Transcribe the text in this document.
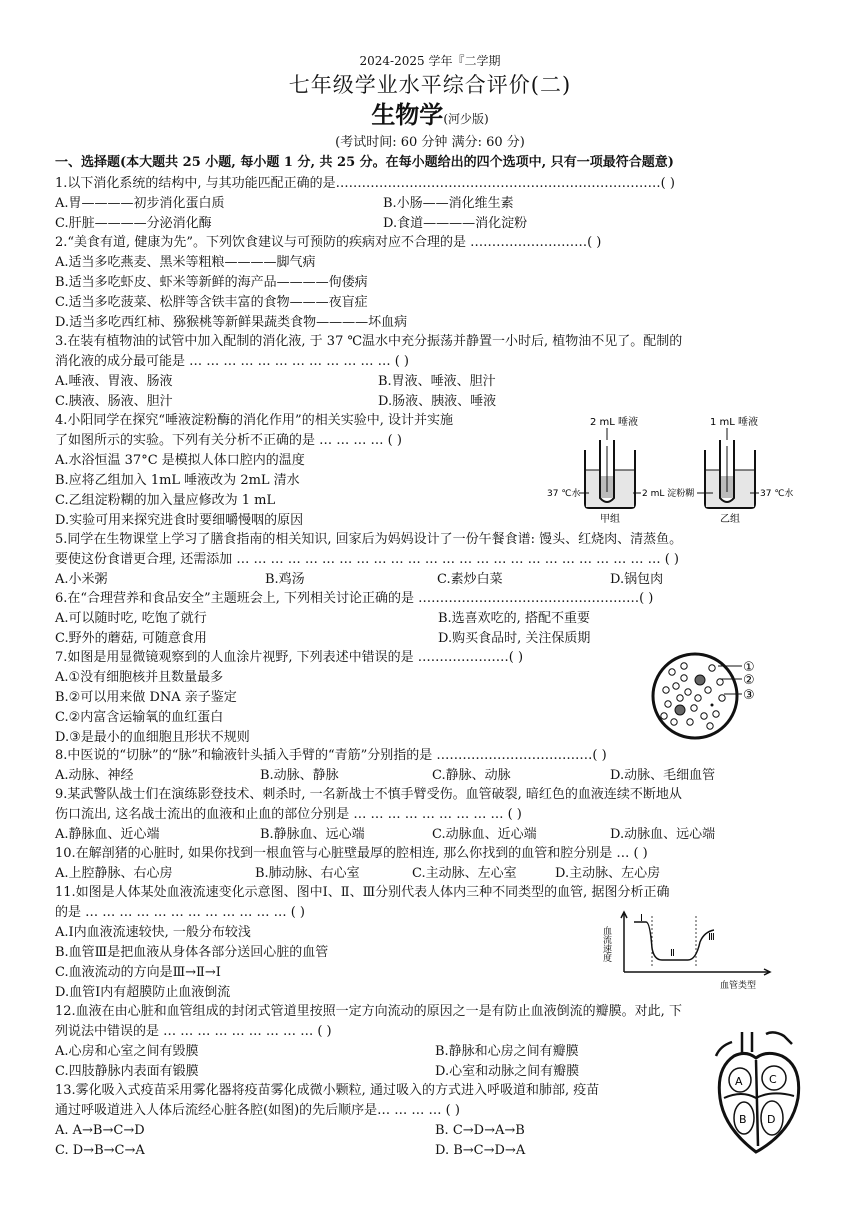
2024-2025 学年『二学期
七年级学业水平综合评价(二)
生物学(河少版)
(考试时间: 60 分钟 满分: 60 分)
一、选择题(本大题共 25 小题, 每小题 1 分, 共 25 分。在每小题给出的四个选项中, 只有一项最符合题意)
1.以下消化系统的结构中, 与其功能匹配正确的是…………………………………………………………………( )
A.胃————初步消化蛋白质	B.小肠——消化维生素
C.肝脏————分泌消化酶	D.食道————消化淀粉
2.“美食有道, 健康为先”。下列饮食建议与可预防的疾病对应不合理的是 ………………………( )
A.适当多吃燕麦、黑米等粗粮————脚气病
B.适当多吃虾皮、虾米等新鲜的海产品————佝偻病
C.适当多吃菠菜、松胖等含铁丰富的食物———夜盲症
D.适当多吃西红柿、猕猴桃等新鲜果蔬类食物————坏血病
3.在装有植物油的试管中加入配制的消化液, 于 37 ℃温水中充分振荡并静置一小时后, 植物油不见了。配制的
消化液的成分最可能是 … … … … … … … … … … … … ( )
A.唾液、胃液、肠液	B.胃液、唾液、胆汁
C.胰液、肠液、胆汁	D.肠液、胰液、唾液
4.小阳同学在探究“唾液淀粉酶的消化作用”的相关实验中, 设计并实施
了如图所示的实验。下列有关分析不正确的是 … … … … ( )
A.水浴恒温 37°C 是模拟人体口腔内的温度
B.应将乙组加入 1mL 唾液改为 2mL 清水
C.乙组淀粉糊的加入量应修改为 1 mL
D.实验可用来探究进食时要细嚼慢咽的原因
2 mL 唾液	1 mL 唾液
37 ℃水	2 mL 淀粉糊	37 ℃水
甲组	乙组
5.同学在生物课堂上学习了膳食指南的相关知识, 回家后为妈妈设计了一份午餐食谱: 馒头、红烧肉、清蒸鱼。
要使这份食谱更合理, 还需添加 … … … … … … … … … … … … … … … … … … … … … … … … … ( )
A.小米粥	B.鸡汤	C.素炒白菜	D.锅包肉
6.在“合理营养和食品安全”主题班会上, 下列相关讨论正确的是 ……………………………………………( )
A.可以随时吃, 吃饱了就行	B.选喜欢吃的, 搭配不重要
C.野外的蘑菇, 可随意食用	D.购买食品时, 关注保质期
7.如图是用显微镜观察到的人血涂片视野, 下列表述中错误的是 …………………( )
A.①没有细胞核并且数量最多
B.②可以用来做 DNA 亲子鉴定
C.②内富含运输氧的血红蛋白
D.③是最小的血细胞且形状不规则
①
②
③
8.中医说的“切脉”的“脉”和输液针头插入手臂的“青筋”分别指的是 ………………………………( )
A.动脉、神经	B.动脉、静脉	C.静脉、动脉	D.动脉、毛细血管
9.某武警队战士们在演练影登技术、刺杀时, 一名新战士不慎手臂受伤。血管破裂, 暗红色的血液连续不断地从
伤口流出, 这名战士流出的血液和止血的部位分别是 … … … … … … … … … ( )
A.静脉血、近心端	B.静脉血、远心端	C.动脉血、近心端	D.动脉血、远心端
10.在解剖猪的心脏时, 如果你找到一根血管与心脏壁最厚的腔相连, 那么你找到的血管和腔分别是 … ( )
A.上腔静脉、右心房	B.肺动脉、右心室	C.主动脉、左心室	D.主动脉、左心房
11.如图是人体某处血液流速变化示意图、图中Ⅰ、Ⅱ、Ⅲ分别代表人体内三种不同类型的血管, 据图分析正确
的是 … … … … … … … … … … … … ( )
A.Ⅰ内血液流速较快, 一般分布较浅
B.血管Ⅲ是把血液从身体各部分送回心脏的血管
C.血液流动的方向是Ⅲ→Ⅱ→Ⅰ
D.血管Ⅰ内有超膜防止血液倒流
血流速度
Ⅰ
Ⅱ
Ⅲ
血管类型
12.血液在由心脏和血管组成的封闭式管道里按照一定方向流动的原因之一是有防止血液倒流的瓣膜。对此, 下
列说法中错误的是 … … … … … … … … … ( )
A.心房和心室之间有毁膜	B.静脉和心房之间有瓣膜
C.四肢静脉内表面有锻膜	D.心室和动脉之间有瓣膜
13.雾化吸入式疫苗采用雾化器将疫苗雾化成微小颗粒, 通过吸入的方式进入呼吸道和肺部, 疫苗
通过呼吸道进入人体后流经心脏各腔(如图)的先后顺序是… … … … ( )
A. A→B→C→D	B. C→D→A→B
C. D→B→C→A	D. B→C→D→A
A C
B D
